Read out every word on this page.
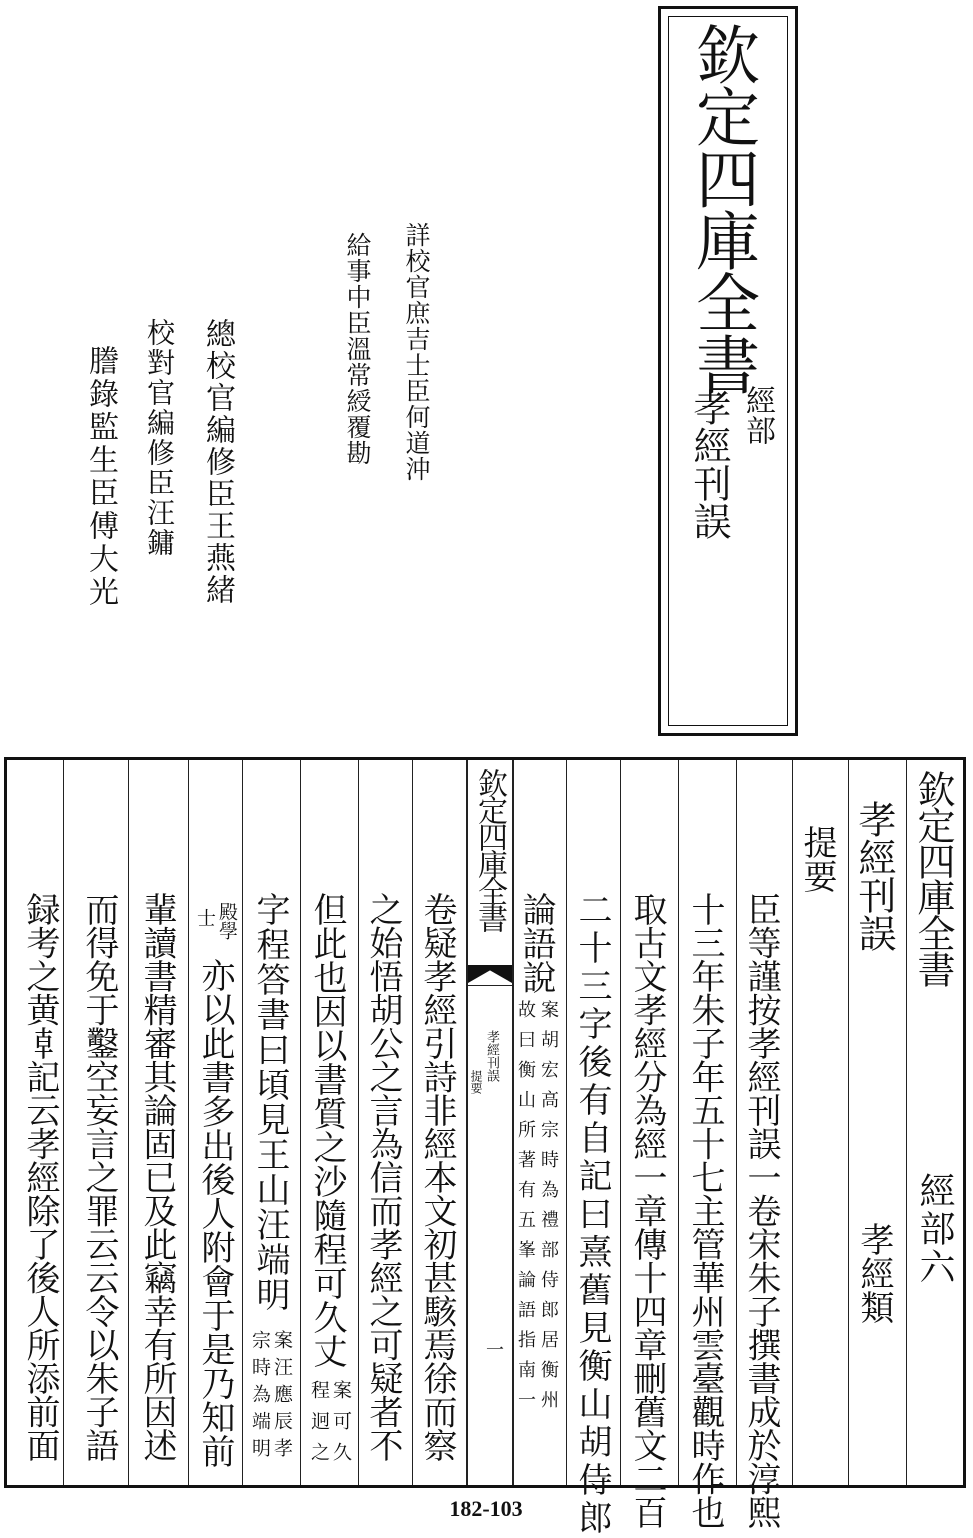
欽定四庫全書
經部
孝經刊誤
詳校官庶吉士臣何道沖
給事中臣溫常綬覆勘
總校官編修臣王燕緒
校對官編修臣汪鏞
謄錄監生臣傅大光
欽定四庫全書
孝經刊誤
提要
一
欽定四庫全書
經部六
孝經刊誤
孝經類
提要
臣等謹按孝經刊誤一卷宋朱子撰書成於淳熙
十三年朱子年五十七主管華州雲臺觀時作也
取古文孝經分為經一章傳十四章刪舊文二百
二十三字後有自記曰熹舊見衡山胡侍郎
論語說
案胡宏高宗時為禮部侍郎居衡州
故曰衡山所著有五峯論語指南一
卷疑孝經引詩非經本文初甚駭焉徐而察
之始悟胡公之言為信而孝經之可疑者不
但此也因以書質之沙隨程可久丈
案可久
程迥之
字程答書曰頃見王山汪端明
案汪應辰孝
宗時為端明
殿學
士
亦以此書多出後人附會于是乃知前
輩讀書精審其論固已及此竊幸有所因述
而得免于鑿空妄言之罪云云令以朱子語
録考之黄𠦝記云孝經除了後人所添前面
182-103
